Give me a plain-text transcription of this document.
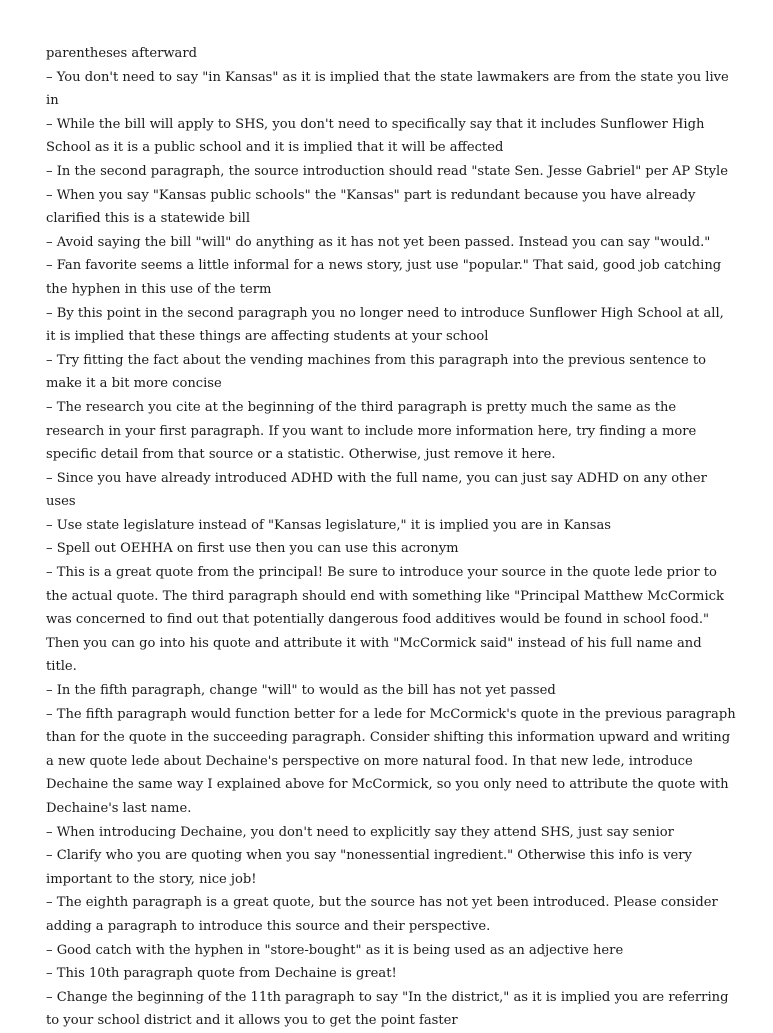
parentheses afterward

– You don't need to say "in Kansas" as it is implied that the state lawmakers are from the state you live in

– While the bill will apply to SHS, you don't need to specifically say that it includes Sunflower High School as it is a public school and it is implied that it will be affected

– In the second paragraph, the source introduction should read "state Sen. Jesse Gabriel" per AP Style

– When you say "Kansas public schools" the "Kansas" part is redundant because you have already clarified this is a statewide bill

– Avoid saying the bill "will" do anything as it has not yet been passed. Instead you can say "would."

– Fan favorite seems a little informal for a news story, just use "popular." That said, good job catching the hyphen in this use of the term

– By this point in the second paragraph you no longer need to introduce Sunflower High School at all, it is implied that these things are affecting students at your school

– Try fitting the fact about the vending machines from this paragraph into the previous sentence to make it a bit more concise

– The research you cite at the beginning of the third paragraph is pretty much the same as the research in your first paragraph. If you want to include more information here, try finding a more specific detail from that source or a statistic. Otherwise, just remove it here.

– Since you have already introduced ADHD with the full name, you can just say ADHD on any other uses

– Use state legislature instead of "Kansas legislature," it is implied you are in Kansas

– Spell out OEHHA on first use then you can use this acronym

– This is a great quote from the principal! Be sure to introduce your source in the quote lede prior to the actual quote. The third paragraph should end with something like "Principal Matthew McCormick was concerned to find out that potentially dangerous food additives would be found in school food." Then you can go into his quote and attribute it with "McCormick said" instead of his full name and title.

– In the fifth paragraph, change "will" to would as the bill has not yet passed

– The fifth paragraph would function better for a lede for McCormick's quote in the previous paragraph than for the quote in the succeeding paragraph. Consider shifting this information upward and writing a new quote lede about Dechaine's perspective on more natural food. In that new lede, introduce Dechaine the same way I explained above for McCormick, so you only need to attribute the quote with Dechaine's last name.

– When introducing Dechaine, you don't need to explicitly say they attend SHS, just say senior

– Clarify who you are quoting when you say "nonessential ingredient." Otherwise this info is very important to the story, nice job!

– The eighth paragraph is a great quote, but the source has not yet been introduced. Please consider adding a paragraph to introduce this source and their perspective.

– Good catch with the hyphen in "store-bought" as it is being used as an adjective here

– This 10th paragraph quote from Dechaine is great!

– Change the beginning of the 11th paragraph to say "In the district," as it is implied you are referring to your school district and it allows you to get the point faster
